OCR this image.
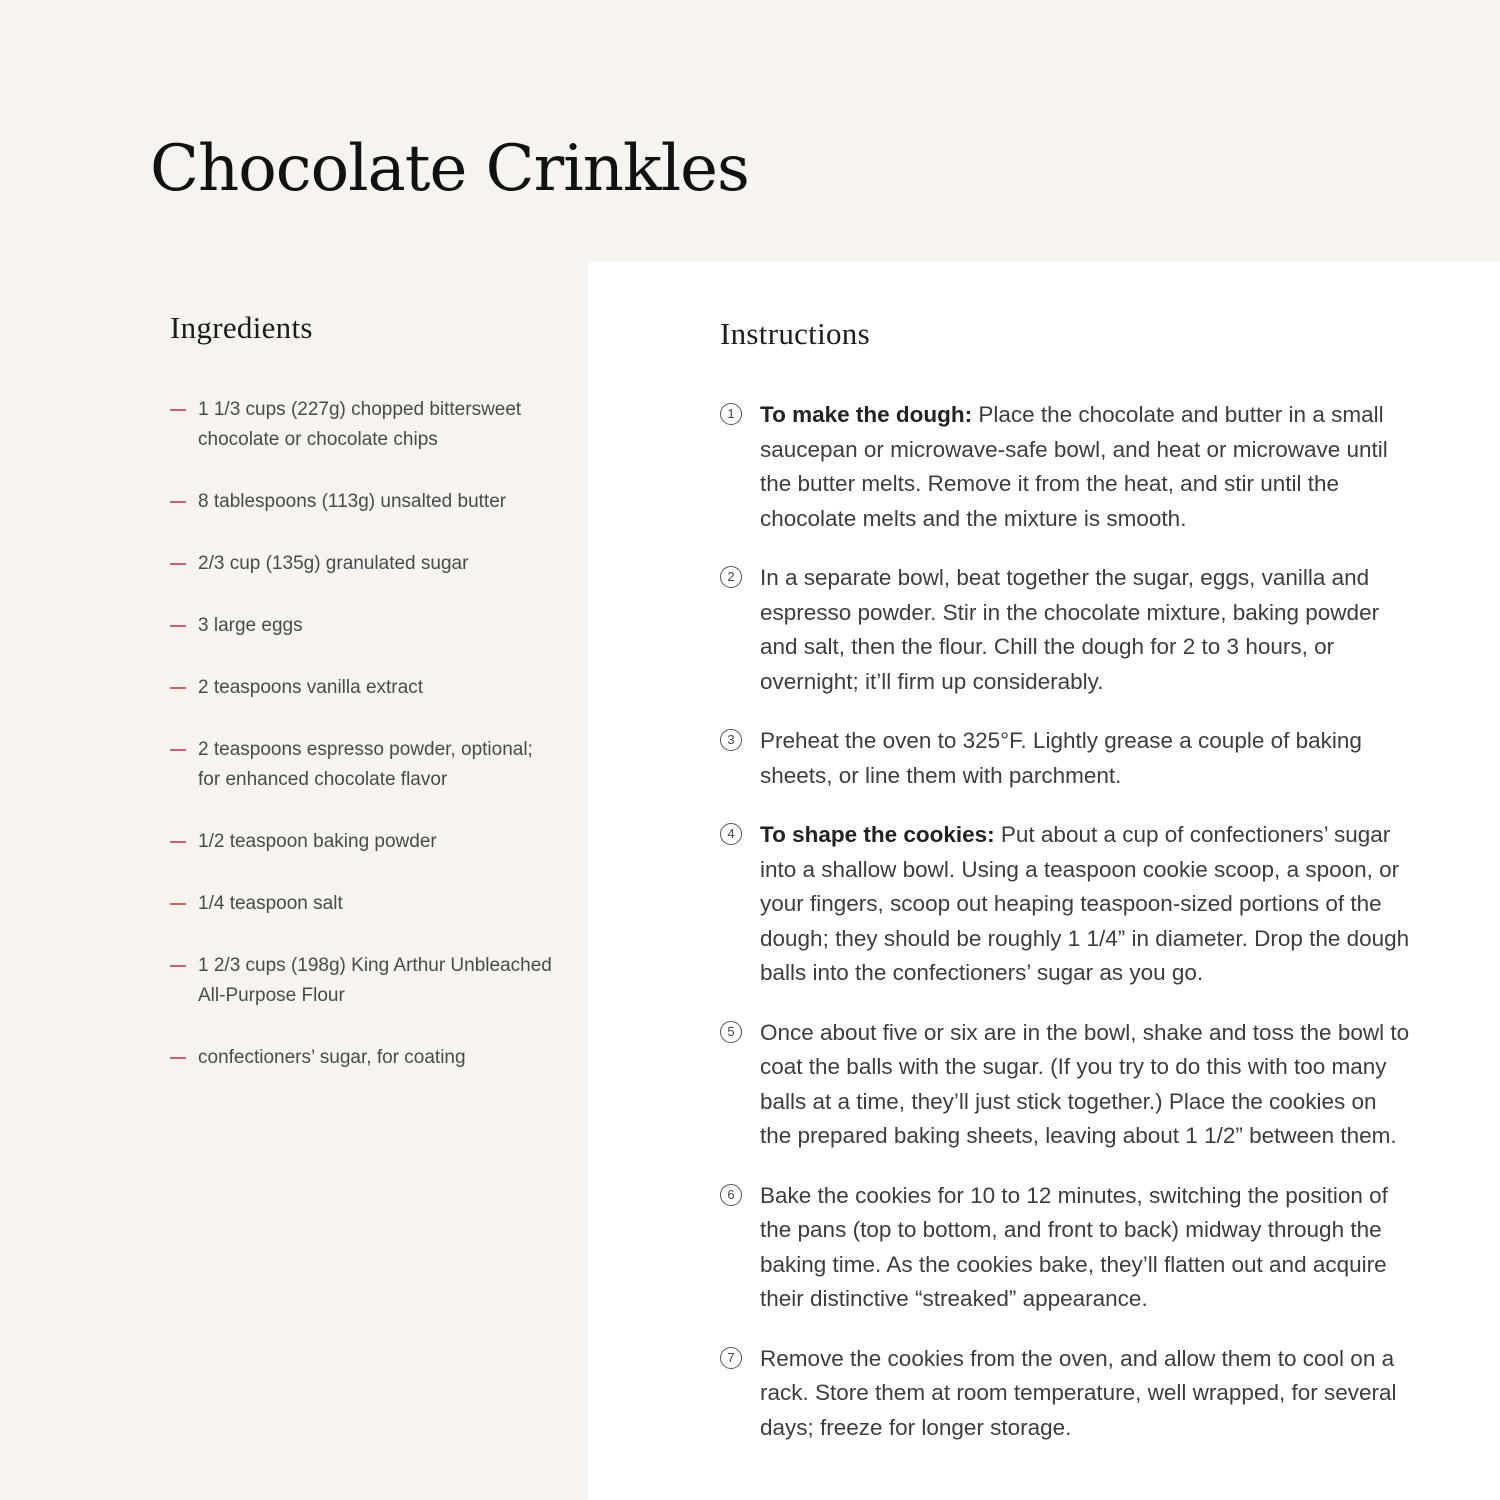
Chocolate Crinkles
Ingredients
1 1/3 cups (227g) chopped bittersweet chocolate or chocolate chips
8 tablespoons (113g) unsalted butter
2/3 cup (135g) granulated sugar
3 large eggs
2 teaspoons vanilla extract
2 teaspoons espresso powder, optional; for enhanced chocolate flavor
1/2 teaspoon baking powder
1/4 teaspoon salt
1 2/3 cups (198g) King Arthur Unbleached All-Purpose Flour
confectioners’ sugar, for coating
Instructions
1	To make the dough: Place the chocolate and butter in a small saucepan or microwave-safe bowl, and heat or microwave until the butter melts. Remove it from the heat, and stir until the chocolate melts and the mixture is smooth.
2	In a separate bowl, beat together the sugar, eggs, vanilla and espresso powder. Stir in the chocolate mixture, baking powder and salt, then the flour. Chill the dough for 2 to 3 hours, or overnight; it’ll firm up considerably.
3	Preheat the oven to 325°F. Lightly grease a couple of baking sheets, or line them with parchment.
4	To shape the cookies: Put about a cup of confectioners’ sugar into a shallow bowl. Using a teaspoon cookie scoop, a spoon, or your fingers, scoop out heaping teaspoon-sized portions of the dough; they should be roughly 1 1/4” in diameter. Drop the dough balls into the confectioners’ sugar as you go.
5	Once about five or six are in the bowl, shake and toss the bowl to coat the balls with the sugar. (If you try to do this with too many balls at a time, they’ll just stick together.) Place the cookies on the prepared baking sheets, leaving about 1 1/2” between them.
6	Bake the cookies for 10 to 12 minutes, switching the position of the pans (top to bottom, and front to back) midway through the baking time. As the cookies bake, they’ll flatten out and acquire their distinctive “streaked” appearance.
7	Remove the cookies from the oven, and allow them to cool on a rack. Store them at room temperature, well wrapped, for several days; freeze for longer storage.
